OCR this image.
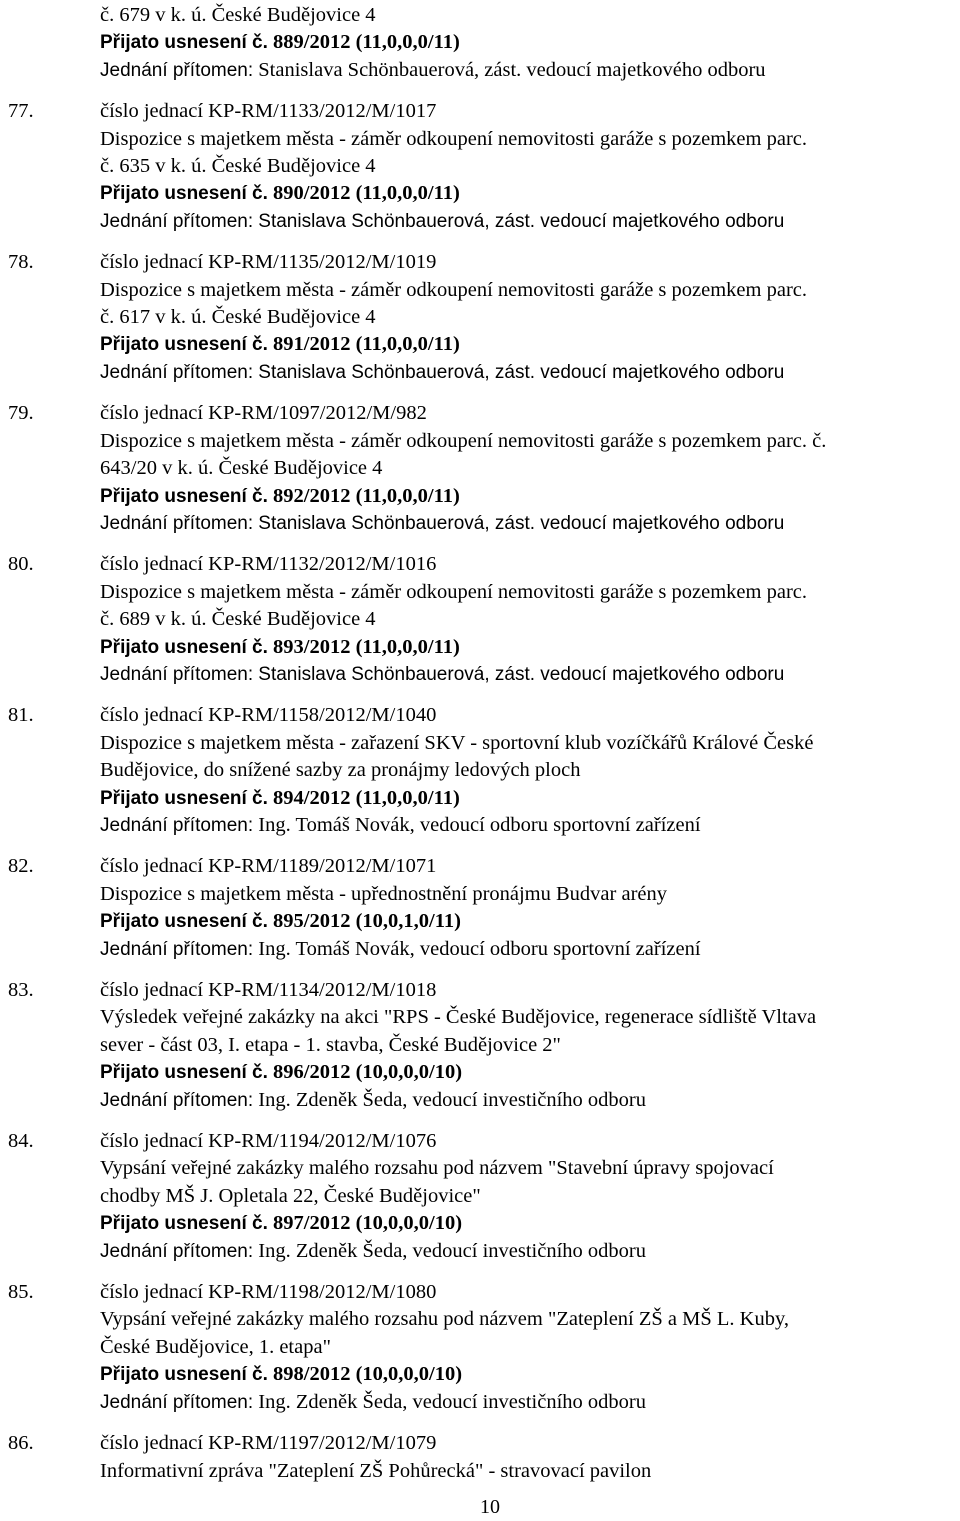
č. 679 v k. ú. České Budějovice 4
Přijato usnesení č. 889/2012 (11,0,0,0/11)
Jednání přítomen: Stanislava Schönbauerová, zást. vedoucí majetkového odboru
77.	číslo jednací KP-RM/1133/2012/M/1017
Dispozice s majetkem města - záměr odkoupení nemovitosti garáže s pozemkem parc.
č. 635 v k. ú. České Budějovice 4
Přijato usnesení č. 890/2012 (11,0,0,0/11)
Jednání přítomen: Stanislava Schönbauerová, zást. vedoucí majetkového odboru
78.	číslo jednací KP-RM/1135/2012/M/1019
Dispozice s majetkem města - záměr odkoupení nemovitosti garáže s pozemkem parc.
č. 617 v k. ú. České Budějovice 4
Přijato usnesení č. 891/2012 (11,0,0,0/11)
Jednání přítomen: Stanislava Schönbauerová, zást. vedoucí majetkového odboru
79.	číslo jednací KP-RM/1097/2012/M/982
Dispozice s majetkem města - záměr odkoupení nemovitosti garáže s pozemkem parc. č.
643/20 v k. ú. České Budějovice 4
Přijato usnesení č. 892/2012 (11,0,0,0/11)
Jednání přítomen: Stanislava Schönbauerová, zást. vedoucí majetkového odboru
80.	číslo jednací KP-RM/1132/2012/M/1016
Dispozice s majetkem města - záměr odkoupení nemovitosti garáže s pozemkem parc.
č. 689 v k. ú. České Budějovice 4
Přijato usnesení č. 893/2012 (11,0,0,0/11)
Jednání přítomen: Stanislava Schönbauerová, zást. vedoucí majetkového odboru
81.	číslo jednací KP-RM/1158/2012/M/1040
Dispozice s majetkem města - zařazení SKV - sportovní klub vozíčkářů Králové České
Budějovice, do snížené sazby za pronájmy ledových ploch
Přijato usnesení č. 894/2012 (11,0,0,0/11)
Jednání přítomen: Ing. Tomáš Novák, vedoucí odboru sportovní zařízení
82.	číslo jednací KP-RM/1189/2012/M/1071
Dispozice s majetkem města - upřednostnění pronájmu Budvar arény
Přijato usnesení č. 895/2012 (10,0,1,0/11)
Jednání přítomen: Ing. Tomáš Novák, vedoucí odboru sportovní zařízení
83.	číslo jednací KP-RM/1134/2012/M/1018
Výsledek veřejné zakázky na akci "RPS - České Budějovice, regenerace sídliště Vltava
sever - část 03, I. etapa - 1. stavba, České Budějovice 2"
Přijato usnesení č. 896/2012 (10,0,0,0/10)
Jednání přítomen: Ing. Zdeněk Šeda, vedoucí investičního odboru
84.	číslo jednací KP-RM/1194/2012/M/1076
Vypsání veřejné zakázky malého rozsahu pod názvem "Stavební úpravy spojovací
chodby MŠ J. Opletala 22, České Budějovice"
Přijato usnesení č. 897/2012 (10,0,0,0/10)
Jednání přítomen: Ing. Zdeněk Šeda, vedoucí investičního odboru
85.	číslo jednací KP-RM/1198/2012/M/1080
Vypsání veřejné zakázky malého rozsahu pod názvem "Zateplení ZŠ a MŠ L. Kuby,
České Budějovice, 1. etapa"
Přijato usnesení č. 898/2012 (10,0,0,0/10)
Jednání přítomen: Ing. Zdeněk Šeda, vedoucí investičního odboru
86.	číslo jednací KP-RM/1197/2012/M/1079
Informativní zpráva "Zateplení ZŠ Pohůrecká" - stravovací pavilon
10
